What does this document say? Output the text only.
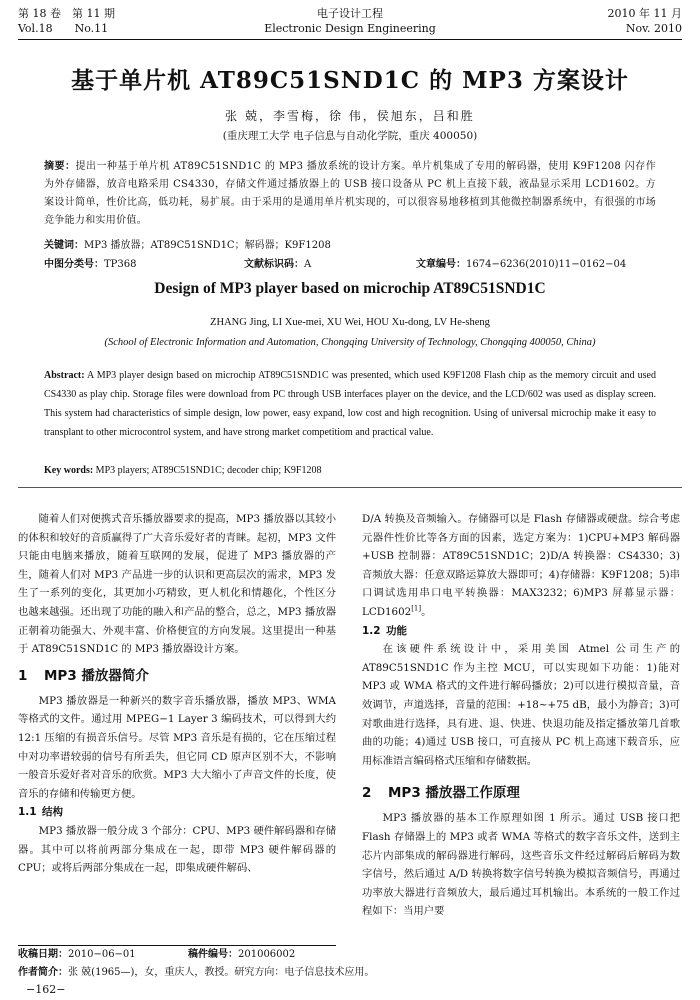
第 18 卷　第 11 期
Vol.18　　No.11
电子设计工程
Electronic Design Engineering
2010 年 11 月
Nov. 2010
基于单片机 AT89C51SND1C 的 MP3 方案设计
张 兢，李雪梅，徐 伟，侯旭东，吕和胜
(重庆理工大学 电子信息与自动化学院，重庆 400050)
摘要：提出一种基于单片机 AT89C51SND1C 的 MP3 播放系统的设计方案。单片机集成了专用的解码器，使用 K9F1208 闪存作为外存储器，放音电路采用 CS4330，存储文件通过播放器上的 USB 接口设备从 PC 机上直接下载，液晶显示采用 LCD1602。方案设计简单，性价比高，低功耗，易扩展。由于采用的是通用单片机实现的，可以很容易地移植到其他微控制器系统中，有很强的市场竞争能力和实用价值。
关键词：MP3 播放器；AT89C51SND1C；解码器；K9F1208
中图分类号：TP368	文献标识码：A	文章编号：1674−6236(2010)11−0162−04
Design of MP3 player based on microchip AT89C51SND1C
ZHANG Jing, LI Xue-mei, XU Wei, HOU Xu-dong, LV He-sheng
(School of Electronic Information and Automation, Chongqing University of Technology, Chongqing 400050, China)
Abstract: A MP3 player design based on microchip AT89C51SND1C was presented, which used K9F1208 Flash chip as the memory circuit and used CS4330 as play chip. Storage files were download from PC through USB interfaces player on the device, and the LCD/602 was used as display screen. This system had characteristics of simple design, low power, easy expand, low cost and high recognition. Using of universal microchip make it easy to transplant to other microcontrol system, and have strong market competitiom and practical value.
Key words: MP3 players; AT89C51SND1C; decoder chip; K9F1208

随着人们对便携式音乐播放器要求的提高，MP3 播放器以其较小的体积和较好的音质赢得了广大音乐爱好者的青睐。起初，MP3 文件只能由电脑来播放，随着互联网的发展，促进了 MP3 播放器的产生，随着人们对 MP3 产品进一步的认识和更高层次的需求，MP3 发生了一系列的变化，其更加小巧精致，更人机化和情趣化，个性区分也越来越强。还出现了功能的融入和产品的整合，总之，MP3 播放器正朝着功能强大、外观丰富、价格便宜的方向发展。这里提出一种基于 AT89C51SND1C 的 MP3 播放器设计方案。

1 MP3 播放器简介

MP3 播放器是一种新兴的数字音乐播放器，播放 MP3、WMA 等格式的文件。通过用 MPEG−1 Layer 3 编码技术，可以得到大约 12:1 压缩的有损音乐信号。尽管 MP3 音乐是有损的，它在压缩过程中对功率谱较弱的信号有所丢失，但它同 CD 原声区别不大，不影响一般音乐爱好者对音乐的欣赏。MP3 大大缩小了声音文件的长度，使音乐的存储和传输更方便。

1.1 结构

MP3 播放器一般分成 3 个部分：CPU、MP3 硬件解码器和存储器。其中可以将前两部分集成在一起，即带 MP3 硬件解码器的 CPU；或将后两部分集成在一起，即集成硬件解码、

D/A 转换及音频输入。存储器可以是 Flash 存储器或硬盘。综合考虑元器件性价比等各方面的因素，选定方案为：1)CPU+MP3 解码器+USB 控制器：AT89C51SND1C；2)D/A 转换器：CS4330；3)音频放大器：任意双路运算放大器即可；4)存储器：K9F1208；5)串口调试选用串口电平转换器：MAX3232；6)MP3 屏幕显示器：LCD1602[1]。

1.2 功能

在该硬件系统设计中，采用美国 Atmel 公司生产的 AT89C51SND1C 作为主控 MCU，可以实现如下功能：1)能对 MP3 或 WMA 格式的文件进行解码播放；2)可以进行模拟音量，音效调节，声道选择，音量的范围：+18~+75 dB，最小为静音；3)可对歌曲进行选择，具有进、退、快进、快退功能及指定播放第几首歌曲的功能；4)通过 USB 接口，可直接从 PC 机上高速下载音乐，应用标准语言编码格式压缩和存储数据。

2 MP3 播放器工作原理

MP3 播放器的基本工作原理如图 1 所示。通过 USB 接口把 Flash 存储器上的 MP3 或者 WMA 等格式的数字音乐文件，送到主芯片内部集成的解码器进行解码，这些音乐文件经过解码后解码为数字信号，然后通过 A/D 转换将数字信号转换为模拟音频信号，再通过功率放大器进行音频放大，最后通过耳机输出。本系统的一般工作过程如下：当用户要

收稿日期：2010−06−01	稿件编号：201006002
作者简介：张 兢(1965—)，女，重庆人，教授。研究方向：电子信息技术应用。
−162−
